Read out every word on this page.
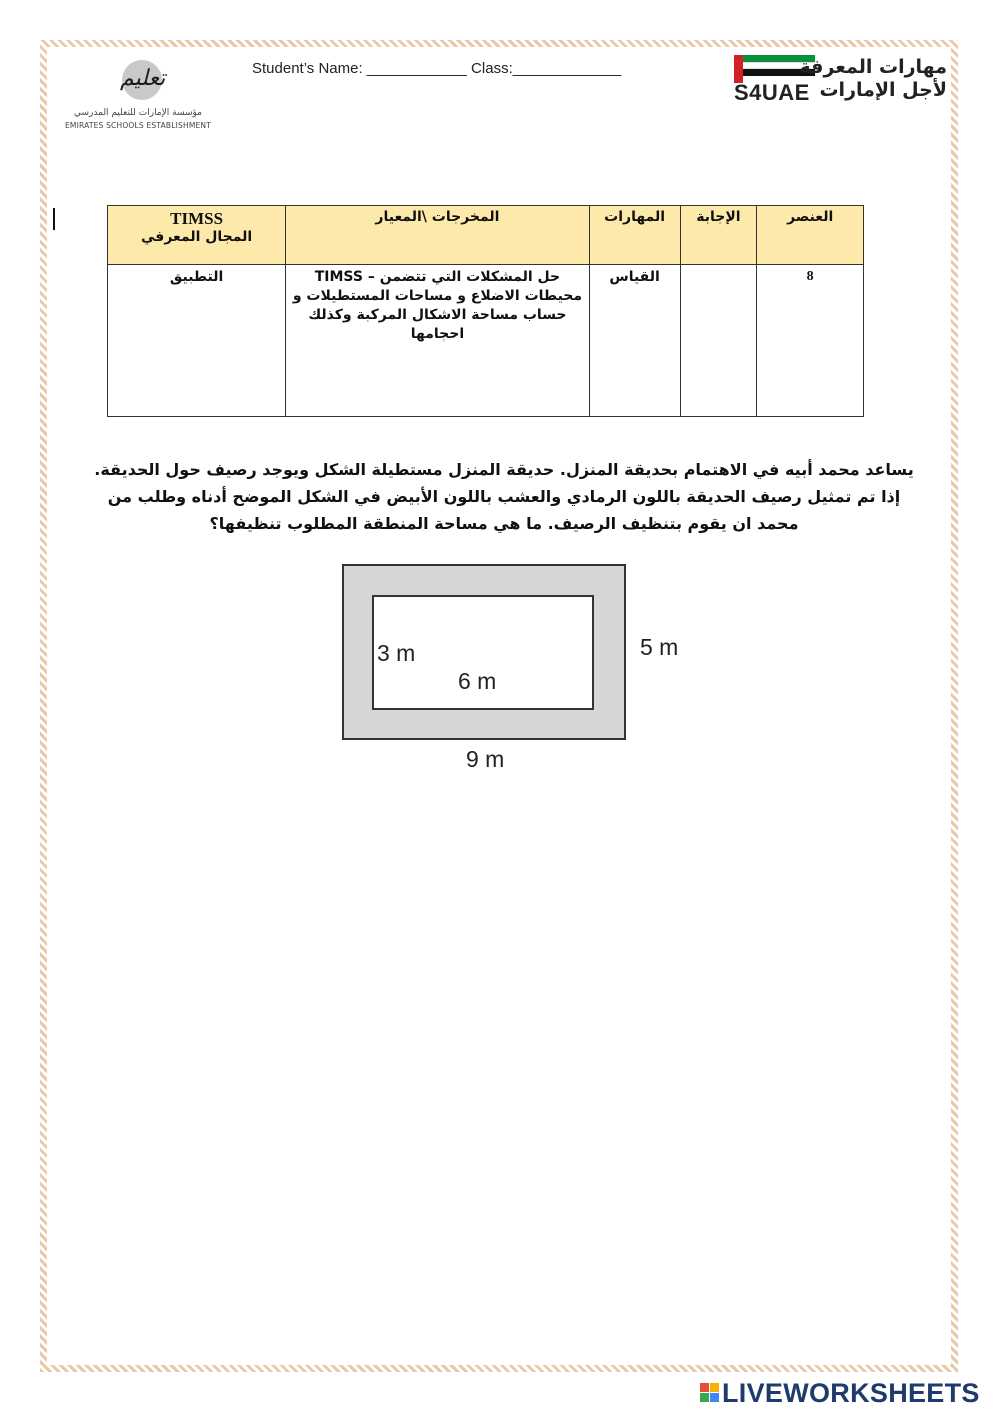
تعليم
مؤسسة الإمارات للتعليم المدرسي
EMIRATES SCHOOLS ESTABLISHMENT
Student’s Name: ____________ Class:_____________	مهارات المعرفة
S4UAE لأجل الإمارات
العنصر	الإجابة	المهارات	المخرجات \المعيار	TIMSS
المجال المعرفي
8		القياس	حل المشكلات التي تتضمن – TIMSS محيطات الاضلاع و مساحات المستطيلات و حساب مساحة الاشكال المركبة وكذلك احجامها	التطبيق
يساعد محمد أبيه في الاهتمام بحديقة المنزل. حديقة المنزل مستطيلة الشكل ويوجد رصيف حول الحديقة. إذا تم تمثيل رصيف الحديقة باللون الرمادي والعشب باللون الأبيض في الشكل الموضح أدناه وطلب من محمد ان يقوم بتنظيف الرصيف. ما هي مساحة المنطقة المطلوب تنظيفها؟
3 m
6 m
5 m
9 m
LIVEWORKSHEETS
